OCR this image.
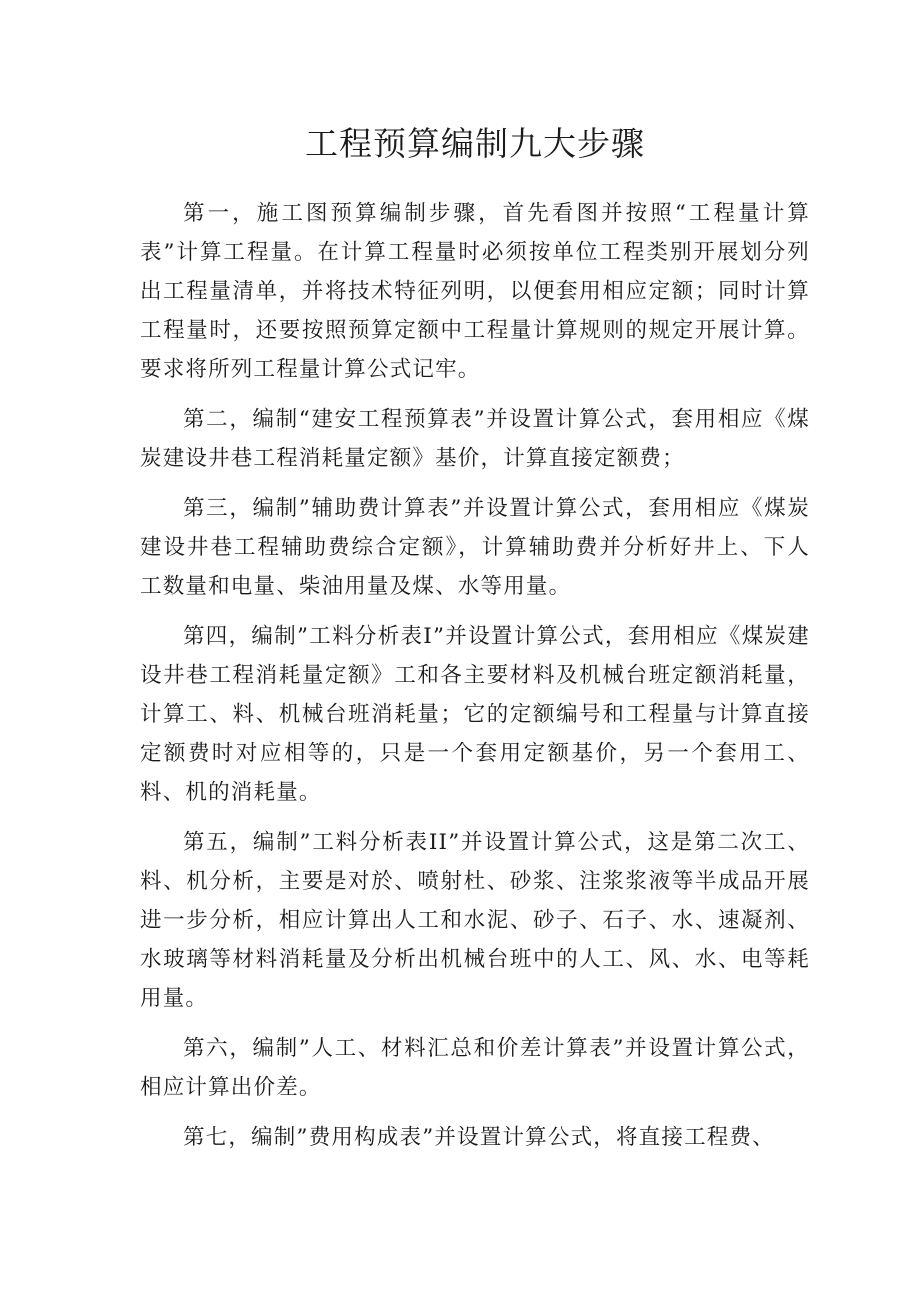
工程预算编制九大步骤

第一，施工图预算编制步骤，首先看图并按照“工程量计算表”计算工程量。在计算工程量时必须按单位工程类别开展划分列出工程量清单，并将技术特征列明，以便套用相应定额；同时计算工程量时，还要按照预算定额中工程量计算规则的规定开展计算。要求将所列工程量计算公式记牢。

第二，编制“建安工程预算表”并设置计算公式，套用相应《煤炭建设井巷工程消耗量定额》基价，计算直接定额费；

第三，编制”辅助费计算表”并设置计算公式，套用相应《煤炭建设井巷工程辅助费综合定额》，计算辅助费并分析好井上、下人工数量和电量、柴油用量及煤、水等用量。

第四，编制”工料分析表I”并设置计算公式，套用相应《煤炭建设井巷工程消耗量定额》工和各主要材料及机械台班定额消耗量，计算工、料、机械台班消耗量；它的定额编号和工程量与计算直接定额费时对应相等的，只是一个套用定额基价，另一个套用工、料、机的消耗量。

第五，编制”工料分析表II”并设置计算公式，这是第二次工、料、机分析，主要是对於、喷射杜、砂浆、注浆浆液等半成品开展进一步分析，相应计算出人工和水泥、砂子、石子、水、速凝剂、水玻璃等材料消耗量及分析出机械台班中的人工、风、水、电等耗用量。

第六，编制”人工、材料汇总和价差计算表”并设置计算公式，相应计算出价差。

第七，编制”费用构成表”并设置计算公式，将直接工程费、
